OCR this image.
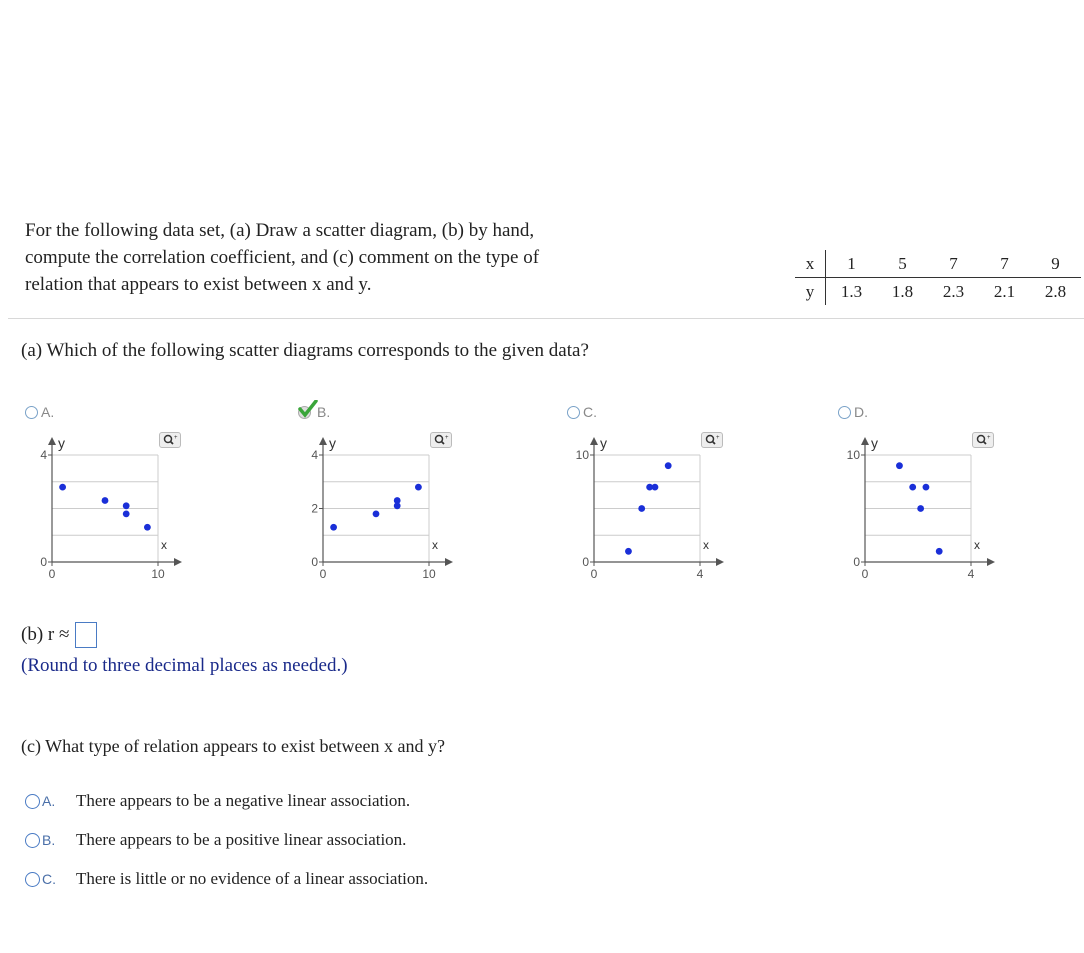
For the following data set, (a) Draw a scatter diagram, (b) by hand,
compute the correlation coefficient, and (c) comment on the type of
relation that appears to exist between x and y.
x	1	5	7	7	9
y	1.3	1.8	2.3	2.1	2.8
(a) Which of the following scatter diagrams corresponds to the given data?
A.	B.	C.	D.
+	+	+	+
y
x
0
4
0	10
y
x
0
2
4
0	10
y
x
0
10
0	4
y
x
0
10
0	4
(b) r ≈
(Round to three decimal places as needed.)
(c) What type of relation appears to exist between x and y?
A.	There appears to be a negative linear association.
B.	There appears to be a positive linear association.
C.	There is little or no evidence of a linear association.
